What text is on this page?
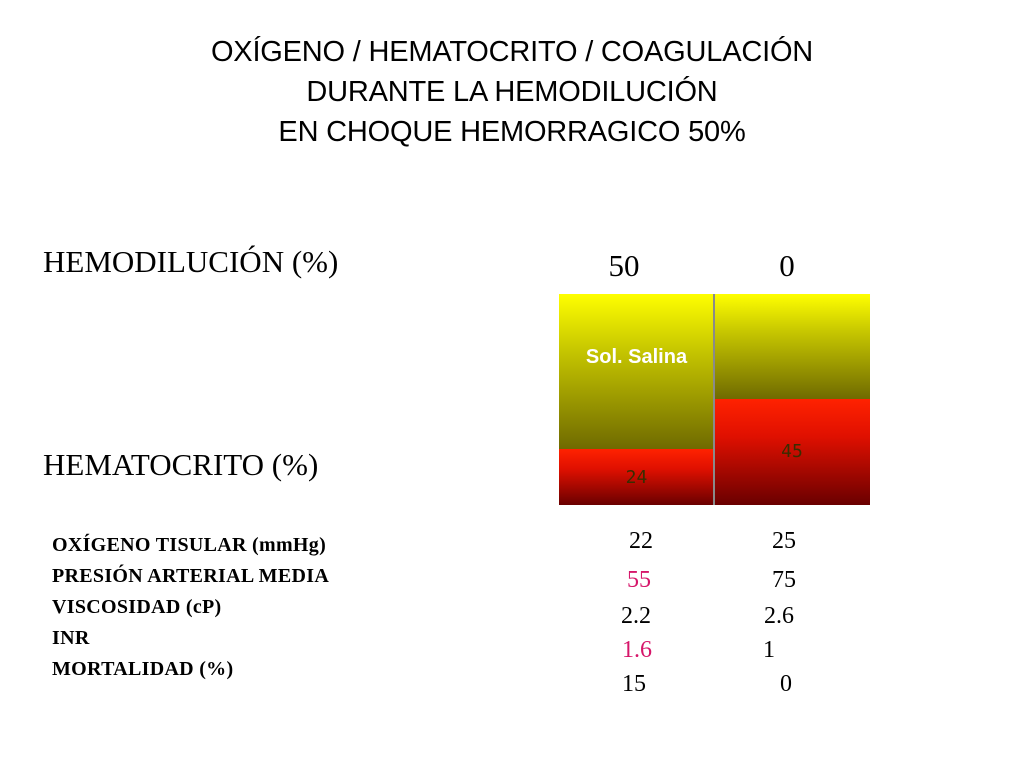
OXÍGENO / HEMATOCRITO / COAGULACIÓN
DURANTE LA HEMODILUCIÓN
EN CHOQUE HEMORRAGICO 50%
HEMODILUCIÓN (%)
HEMATOCRITO (%)
50	0
Sol. Salina
24
45
OXÍGENO TISULAR (mmHg)
PRESIÓN ARTERIAL MEDIA
VISCOSIDAD (cP)
INR
MORTALIDAD (%)
22
55
2.2
1.6
15
25
75
2.6
1
0
